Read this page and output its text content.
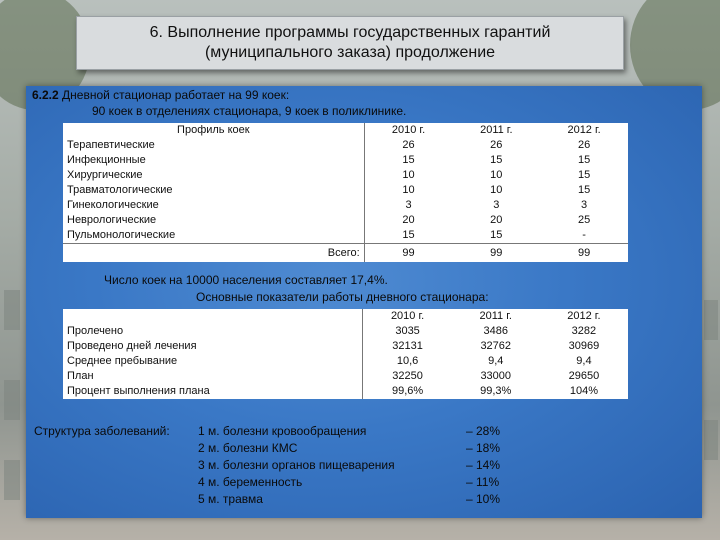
6. Выполнение программы государственных гарантий
(муниципального заказа) продолжение
6.2.2 Дневной стационар работает на 99 коек:
90 коек в отделениях стационара, 9 коек в поликлинике.
Профиль коек	2010 г.	2011 г.	2012 г.
Терапевтические	26	26	26
Инфекционные	15	15	15
Хирургические	10	10	15
Травматологические	10	10	15
Гинекологические	3	3	3
Неврологические	20	20	25
Пульмонологические	15	15	-
Всего:	99	99	99
Число коек на 10000 населения составляет 17,4%.
Основные показатели работы дневного стационара:
	2010 г.	2011 г.	2012 г.
Пролечено	3035	3486	3282
Проведено дней лечения	32131	32762	30969
Среднее пребывание	10,6	9,4	9,4
План	32250	33000	29650
Процент выполнения плана	99,6%	99,3%	104%
Структура заболеваний: 1 м. болезни кровообращения	– 28%
2 м. болезни КМС	– 18%
3 м. болезни органов пищеварения	– 14%
4 м. беременность	– 11%
5 м. травма	– 10%
